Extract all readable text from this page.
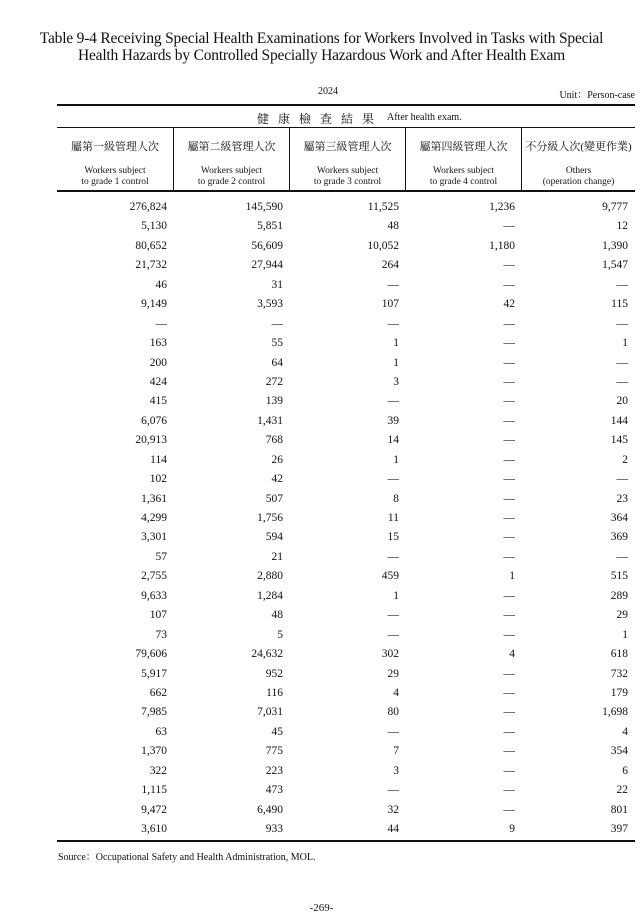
Table 9-4 Receiving Special Health Examinations for Workers Involved in Tasks with Special
Health Hazards by Controlled Specially Hazardous Work and After Health Exam
2024	Unit：Person-case
健康檢查結果 After health exam.
屬第一級管理人次
Workers subject
to grade 1 control
屬第二級管理人次
Workers subject
to grade 2 control
屬第三級管理人次
Workers subject
to grade 3 control
屬第四級管理人次
Workers subject
to grade 4 control
不分級人次(變更作業)
Others
(operation change)
276,824	145,590	11,525	1,236	9,777
5,130	5,851	48	—	12
80,652	56,609	10,052	1,180	1,390
21,732	27,944	264	—	1,547
46	31	—	—	—
9,149	3,593	107	42	115
—	—	—	—	—
163	55	1	—	1
200	64	1	—	—
424	272	3	—	—
415	139	—	—	20
6,076	1,431	39	—	144
20,913	768	14	—	145
114	26	1	—	2
102	42	—	—	—
1,361	507	8	—	23
4,299	1,756	11	—	364
3,301	594	15	—	369
57	21	—	—	—
2,755	2,880	459	1	515
9,633	1,284	1	—	289
107	48	—	—	29
73	5	—	—	1
79,606	24,632	302	4	618
5,917	952	29	—	732
662	116	4	—	179
7,985	7,031	80	—	1,698
63	45	—	—	4
1,370	775	7	—	354
322	223	3	—	6
1,115	473	—	—	22
9,472	6,490	32	—	801
3,610	933	44	9	397
Source：Occupational Safety and Health Administration, MOL.
-269-
